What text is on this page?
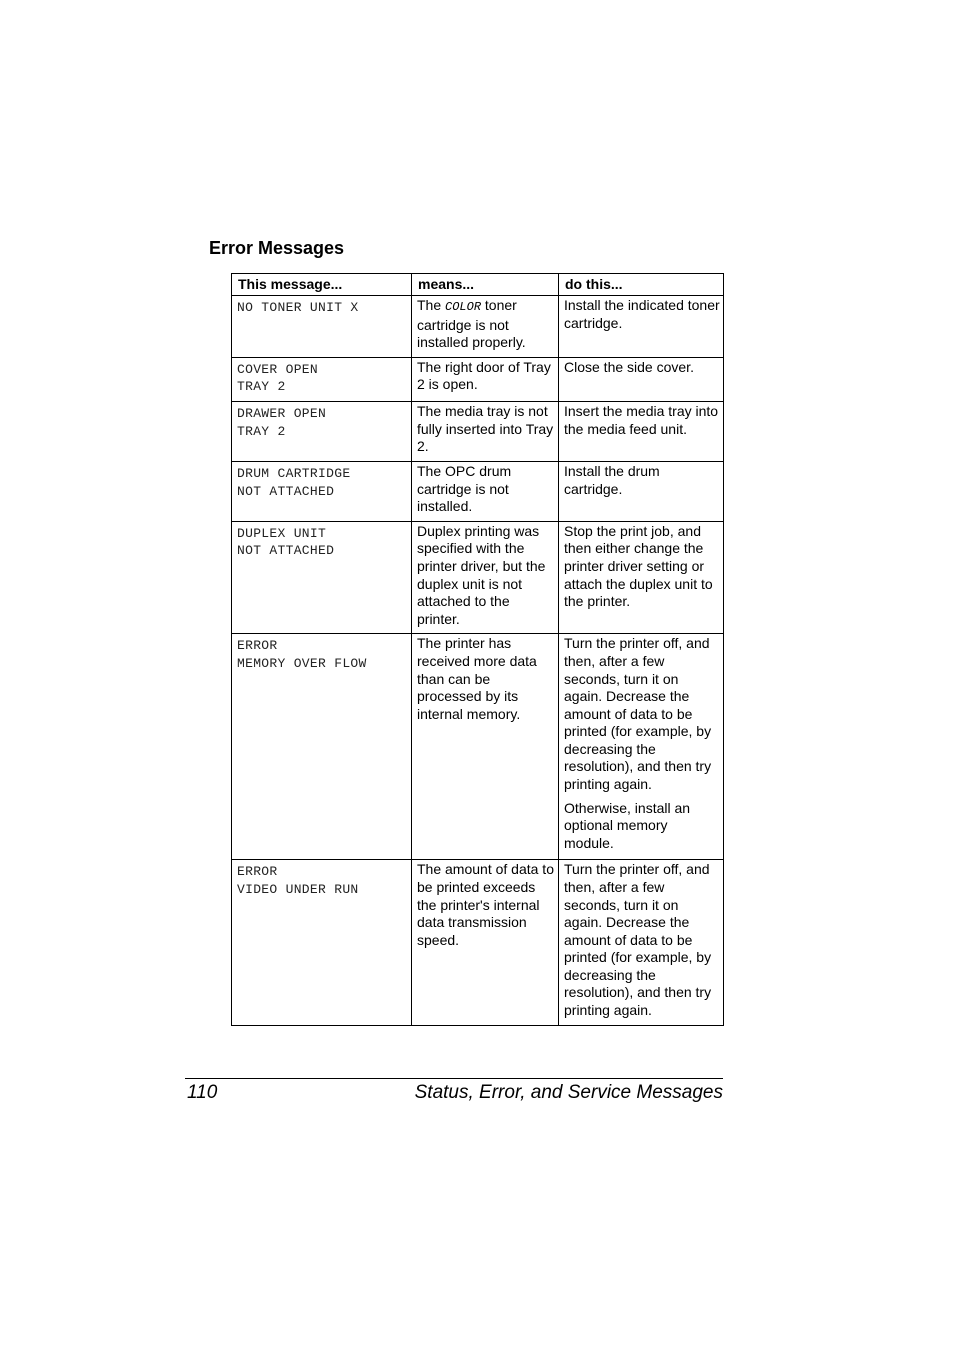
Error Messages
This message...	means...	do this...

NO TONER UNIT X	The COLOR toner cartridge is not installed properly.	Install the indicated toner cartridge.

COVER OPEN
TRAY 2	The right door of Tray 2 is open.	Close the side cover.

DRAWER OPEN
TRAY 2	The media tray is not fully inserted into Tray 2.	Insert the media tray into the media feed unit.

DRUM CARTRIDGE
NOT ATTACHED	The OPC drum cartridge is not installed.	Install the drum cartridge.

DUPLEX UNIT
NOT ATTACHED	Duplex printing was specified with the printer driver, but the duplex unit is not attached to the printer.	Stop the print job, and then either change the printer driver setting or attach the duplex unit to the printer.

ERROR
MEMORY OVER FLOW	The printer has received more data than can be processed by its internal memory.	Turn the printer off, and then, after a few seconds, turn it on again. Decrease the amount of data to be printed (for example, by decreasing the resolution), and then try printing again.
Otherwise, install an optional memory module.

ERROR
VIDEO UNDER RUN	The amount of data to be printed exceeds the printer's internal data transmission speed.	Turn the printer off, and then, after a few seconds, turn it on again. Decrease the amount of data to be printed (for example, by decreasing the resolution), and then try printing again.
110	Status, Error, and Service Messages
